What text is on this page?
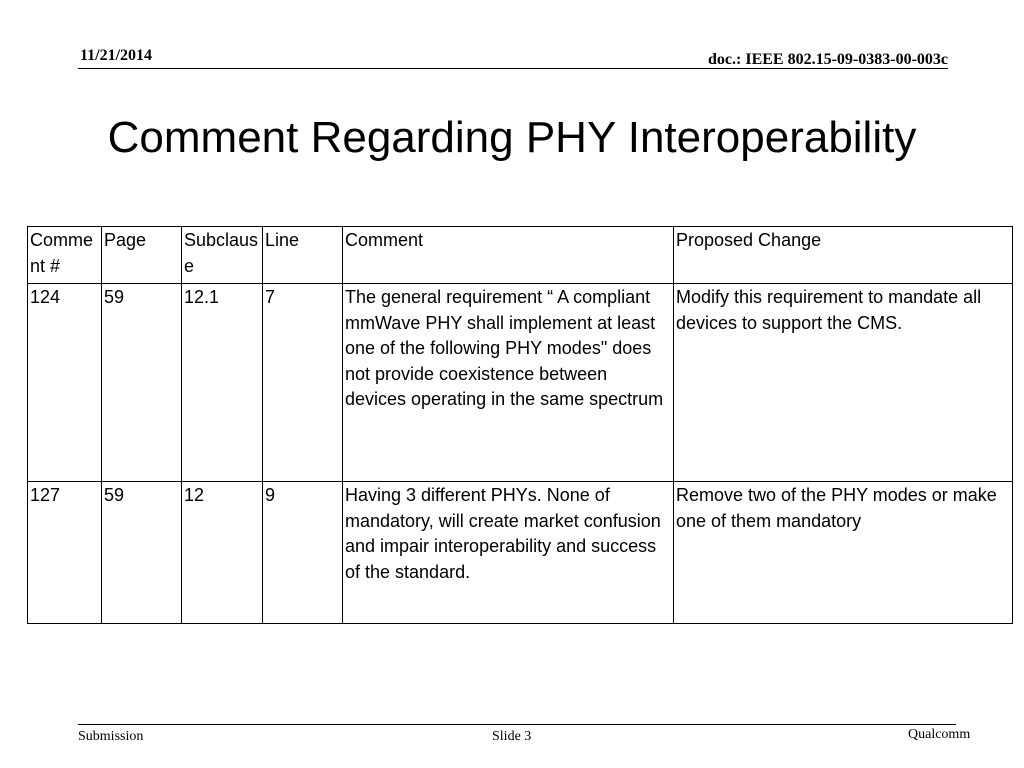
11/21/2014	doc.: IEEE 802.15-09-0383-00-003c
Comment Regarding PHY Interoperability
Comment #	Page	Subclause	Line	Comment	Proposed Change
124	59	12.1	7	The general requirement “ A compliant mmWave PHY shall implement at least one of the following PHY modes" does not provide coexistence between devices operating in the same spectrum	Modify this requirement to mandate all devices to support the CMS.
127	59	12	9	Having 3 different PHYs. None of mandatory, will create market confusion and impair interoperability and success of the standard.	Remove two of the PHY modes or make one of them mandatory
Submission	Slide 3	Qualcomm
